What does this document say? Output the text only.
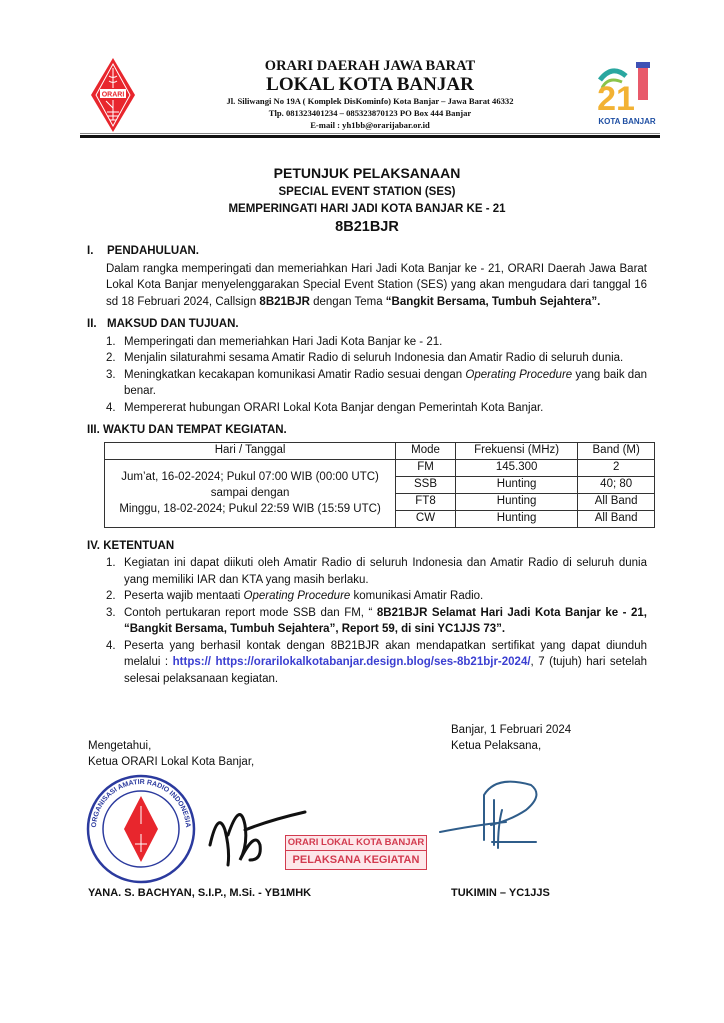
ORARI
ORARI DAERAH JAWA BARAT
LOKAL KOTA BANJAR
Jl. Siliwangi No 19A ( Komplek DisKominfo) Kota Banjar – Jawa Barat 46332
Tlp. 081323401234 – 085323870123 PO Box 444 Banjar
E-mail : yh1bb@orarijabar.or.id
21
KOTA BANJAR
PETUNJUK PELAKSANAAN
SPECIAL EVENT STATION (SES)
MEMPERINGATI HARI JADI KOTA BANJAR KE - 21
8B21BJR
I. PENDAHULUAN.
Dalam rangka memperingati dan memeriahkan Hari Jadi Kota Banjar ke - 21, ORARI Daerah Jawa Barat Lokal Kota Banjar menyelenggarakan Special Event Station (SES) yang akan mengudara dari tanggal 16 sd 18 Februari 2024, Callsign 8B21BJR dengan Tema “Bangkit Bersama, Tumbuh Sejahtera”.
II. MAKSUD DAN TUJUAN.
1. Memperingati dan memeriahkan Hari Jadi Kota Banjar ke - 21.
2. Menjalin silaturahmi sesama Amatir Radio di seluruh Indonesia dan Amatir Radio di seluruh dunia.
3. Meningkatkan kecakapan komunikasi Amatir Radio sesuai dengan Operating Procedure yang baik dan benar.
4. Mempererat hubungan ORARI Lokal Kota Banjar dengan Pemerintah Kota Banjar.
III. WAKTU DAN TEMPAT KEGIATAN.
Hari / Tanggal	Mode	Frekuensi (MHz)	Band (M)

Jum’at, 16-02-2024; Pukul 07:00 WIB (00:00 UTC)
sampai dengan
Minggu, 18-02-2024; Pukul 22:59 WIB (15:59 UTC)	FM	145.300	2
	SSB	Hunting	40; 80
	FT8	Hunting	All Band
	CW	Hunting	All Band
IV. KETENTUAN
1. Kegiatan ini dapat diikuti oleh Amatir Radio di seluruh Indonesia dan Amatir Radio di seluruh dunia yang memiliki IAR dan KTA yang masih berlaku.
2. Peserta wajib mentaati Operating Procedure komunikasi Amatir Radio.
3. Contoh pertukaran report mode SSB dan FM, “ 8B21BJR Selamat Hari Jadi Kota Banjar ke - 21, “Bangkit Bersama, Tumbuh Sejahtera”, Report 59, di sini YC1JJS 73”.
4. Peserta yang berhasil kontak dengan 8B21BJR akan mendapatkan sertifikat yang dapat diunduh melalui : https:// https://orarilokalkotabanjar.design.blog/ses-8b21bjr-2024/, 7 (tujuh) hari setelah selesai pelaksanaan kegiatan.
Banjar, 1 Februari 2024
Ketua Pelaksana,
Mengetahui,
Ketua ORARI Lokal Kota Banjar,
ORGANISASI AMATIR RADIO INDONESIA
ORARI LOKAL KOTA BANJAR
PELAKSANA KEGIATAN
YANA. S. BACHYAN, S.I.P., M.Si. - YB1MHK	TUKIMIN – YC1JJS
